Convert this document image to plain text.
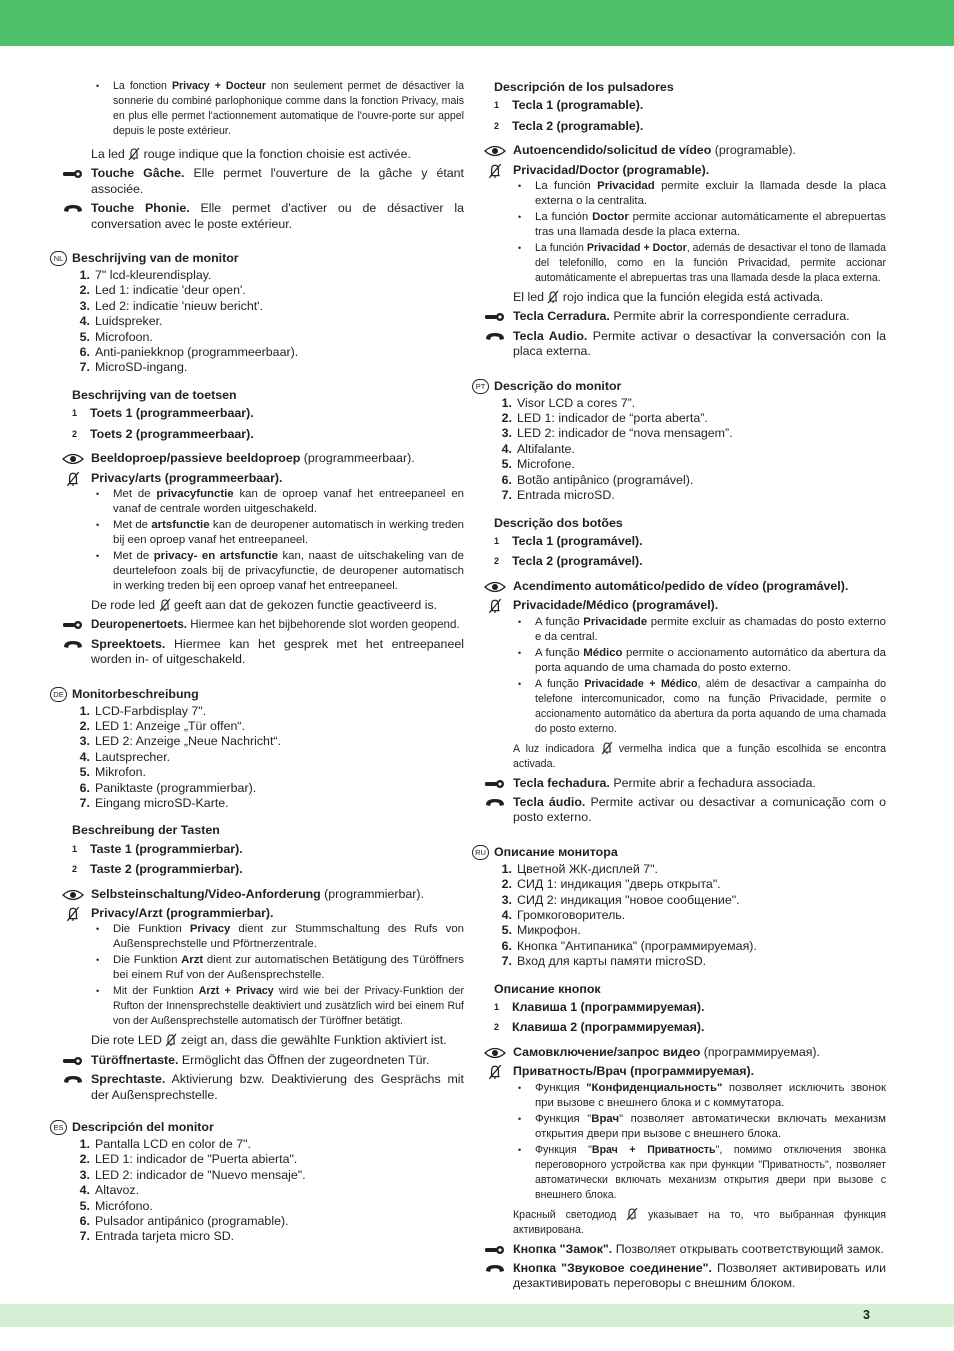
• La fonction Privacy + Docteur non seulement permet de désactiver la sonnerie du combiné parlophonique comme dans la fonction Privacy, mais en plus elle permet l'actionnement automatique de l'ouvre-porte sur appel depuis le poste extérieur.
La led  rouge indique que la fonction choisie est activée.
Touche Gâche. Elle permet l'ouverture de la gâche y étant associée.
Touche Phonie. Elle permet d'activer ou de désactiver la conversation avec le poste extérieur.
NL Beschrijving van de monitor
1. 7" lcd-kleurendisplay.
2. Led 1: indicatie 'deur open'.
3. Led 2: indicatie 'nieuw bericht'.
4. Luidspreker.
5. Microfoon.
6. Anti-paniekknop (programmeerbaar).
7. MicroSD-ingang.
Beschrijving van de toetsen
1	Toets 1 (programmeerbaar).
2	Toets 2 (programmeerbaar).
Beeldoproep/passieve beeldoproep (programmeerbaar).
Privacy/arts (programmeerbaar).
• Met de privacyfunctie kan de oproep vanaf het entreepaneel en vanaf de centrale worden uitgeschakeld.
• Met de artsfunctie kan de deuropener automatisch in werking treden bij een oproep vanaf het entreepaneel.
• Met de privacy- en artsfunctie kan, naast de uitschakeling van de deurtelefoon zoals bij de privacyfunctie, de deuropener automatisch in werking treden bij een oproep vanaf het entreepaneel.
De rode led  geeft aan dat de gekozen functie geactiveerd is.
Deuropenertoets. Hiermee kan het bijbehorende slot worden geopend.
Spreektoets. Hiermee kan het gesprek met het entreepaneel worden in- of uitgeschakeld.
DE Monitorbeschreibung
1. LCD-Farbdisplay 7".
2. LED 1: Anzeige „Tür offen“.
3. LED 2: Anzeige „Neue Nachricht“.
4. Lautsprecher.
5. Mikrofon.
6. Paniktaste (programmierbar).
7. Eingang microSD-Karte.
Beschreibung der Tasten
1	Taste 1 (programmierbar).
2	Taste 2 (programmierbar).
Selbsteinschaltung/Video-Anforderung (programmierbar).
Privacy/Arzt (programmierbar).
• Die Funktion Privacy dient zur Stummschaltung des Rufs von Außensprechstelle und Pförtnerzentrale.
• Die Funktion Arzt dient zur automatischen Betätigung des Türöffners bei einem Ruf von der Außensprechstelle.
• Mit der Funktion Arzt + Privacy wird wie bei der Privacy-Funktion der Rufton der Innensprechstelle deaktiviert und zusätzlich wird bei einem Ruf von der Außensprechstelle automatisch der Türöffner betätigt.
Die rote LED  zeigt an, dass die gewählte Funktion aktiviert ist.
Türöffnertaste. Ermöglicht das Öffnen der zugeordneten Tür.
Sprechtaste. Aktivierung bzw. Deaktivierung des Gesprächs mit der Außensprechstelle.
ES Descripción del monitor
1. Pantalla LCD en color de 7".
2. LED 1: indicador de "Puerta abierta".
3. LED 2: indicador de "Nuevo mensaje".
4. Altavoz.
5. Micrófono.
6. Pulsador antipánico (programable).
7. Entrada tarjeta micro SD.
Descripción de los pulsadores
1	Tecla 1 (programable).
2	Tecla 2 (programable).
Autoencendido/solicitud de vídeo (programable).
Privacidad/Doctor (programable).
• La función Privacidad permite excluir la llamada desde la placa externa o la centralita.
• La función Doctor permite accionar automáticamente el abrepuertas tras una llamada desde la placa externa.
• La función Privacidad + Doctor, además de desactivar el tono de llamada del telefonillo, como en la función Privacidad, permite accionar automáticamente el abrepuertas tras una llamada desde la placa externa.
El led  rojo indica que la función elegida está activada.
Tecla Cerradura. Permite abrir la correspondiente cerradura.
Tecla Audio. Permite activar o desactivar la conversación con la placa externa.
PT Descrição do monitor
1. Visor LCD a cores 7”.
2. LED 1: indicador de “porta aberta”.
3. LED 2: indicador de “nova mensagem”.
4. Altifalante.
5. Microfone.
6. Botão antipânico (programável).
7. Entrada microSD.
Descrição dos botões
1	Tecla 1 (programável).
2	Tecla 2 (programável).
Acendimento automático/pedido de vídeo (programável).
Privacidade/Médico (programável).
• A função Privacidade permite excluir as chamadas do posto externo e da central.
• A função Médico permite o accionamento automático da abertura da porta aquando de uma chamada do posto externo.
• A função Privacidade + Médico, além de desactivar a campainha do telefone intercomunicador, como na função Privacidade, permite o accionamento automático da abertura da porta aquando de uma chamada do posto externo.
A luz indicadora  vermelha indica que a função escolhida se encontra activada.
Tecla fechadura. Permite abrir a fechadura associada.
Tecla áudio. Permite activar ou desactivar a comunicação com o posto externo.
RU Описание монитора
1. Цветной ЖК-дисплей 7".
2. СИД 1: индикация "дверь открыта".
3. СИД 2: индикация "новое сообщение".
4. Громкоговоритель.
5. Микрофон.
6. Кнопка "Антипаника" (программируемая).
7. Вход для карты памяти microSD.
Описание кнопок
1	Клавиша 1 (программируемая).
2	Клавиша 2 (программируемая).
Самовключение/запрос видео (программируемая).
Приватность/Врач (программируемая).
• Функция "Конфиденциальность" позволяет исключить звонок при вызове с внешнего блока и с коммутатора.
• Функция "Врач" позволяет автоматически включать механизм открытия двери при вызове с внешнего блока.
• Функция "Врач + Приватность", помимо отключения звонка переговорного устройства как при функции "Приватность", позволяет автоматически включать механизм открытия двери при вызове с внешнего блока.
Красный светодиод  указывает на то, что выбранная функция активирована.
Кнопка "Замок". Позволяет открывать соответствующий замок.
Кнопка "Звуковое соединение". Позволяет активировать или дезактивировать переговоры с внешним блоком.
3
